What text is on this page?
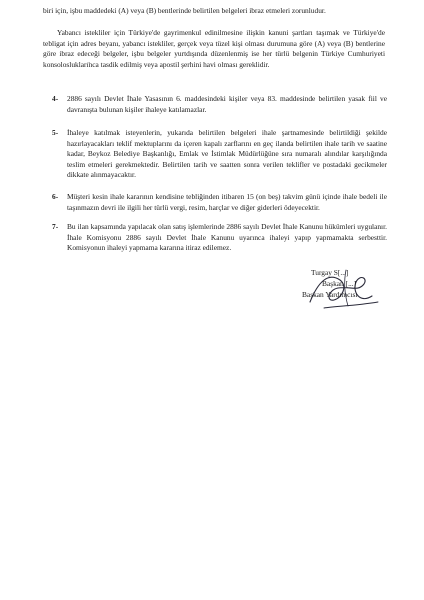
biri için, işbu maddedeki (A) veya (B) bentlerinde belirtilen belgeleri ibraz etmeleri zorunludur.

Yabancı istekliler için Türkiye'de gayrimenkul edinilmesine ilişkin kanuni şartları taşımak ve Türkiye'de tebligat için adres beyanı, yabancı istekliler, gerçek veya tüzel kişi olması durumuna göre (A) veya (B) bentlerine göre ibraz edeceği belgeler, işbu belgeler yurtdışında düzenlenmiş ise her türlü belgenin Türkiye Cumhuriyeti konsoloslukları̈nca tasdik edilmiş veya apostil şerhini havi olması gereklidir.

4- 2886 sayılı Devlet İhale Yasasının 6. maddesindeki kişiler veya 83. maddesinde belirtilen yasak fiil ve davranışta bulunan kişiler ihaleye katılamazlar.

5- İhaleye katılmak isteyenlerin, yukarıda belirtilen belgeleri ihale şartnamesinde belirtildiği şekilde hazırlayacakları teklif mektuplarını da içeren kapalı zarflarını en geç ilanda belirtilen ihale tarih ve saatine kadar, Beykoz Belediye Başkanlığı, Emlak ve İstimlak Müdürlüğüne sıra numaralı alındılar karşılığında teslim etmeleri gerekmektedir. Belirtilen tarih ve saatten sonra verilen teklifler ve postadaki gecikmeler dikkate alınmayacaktır.

6- Müşteri kesin ihale kararının kendisine tebliğinden itibaren 15 (on beş) takvim günü içinde ihale bedeli ile taşınmazın devri ile ilgili her türlü vergi, resim, harçlar ve diğer giderleri ödeyecektir.

7- Bu ilan kapsamında yapılacak olan satış işlemlerinde 2886 sayılı Devlet İhale Kanunu hükümleri uygulanır. İhale Komisyonu 2886 sayılı Devlet İhale Kanunu uyarınca ihaleyi yapıp yapmamakta serbesttir. Komisyonun ihaleyi yapmama kararına itiraz edilemez.

Turgay S[...]
Başkan [...]
Başkan Yardımcısı
